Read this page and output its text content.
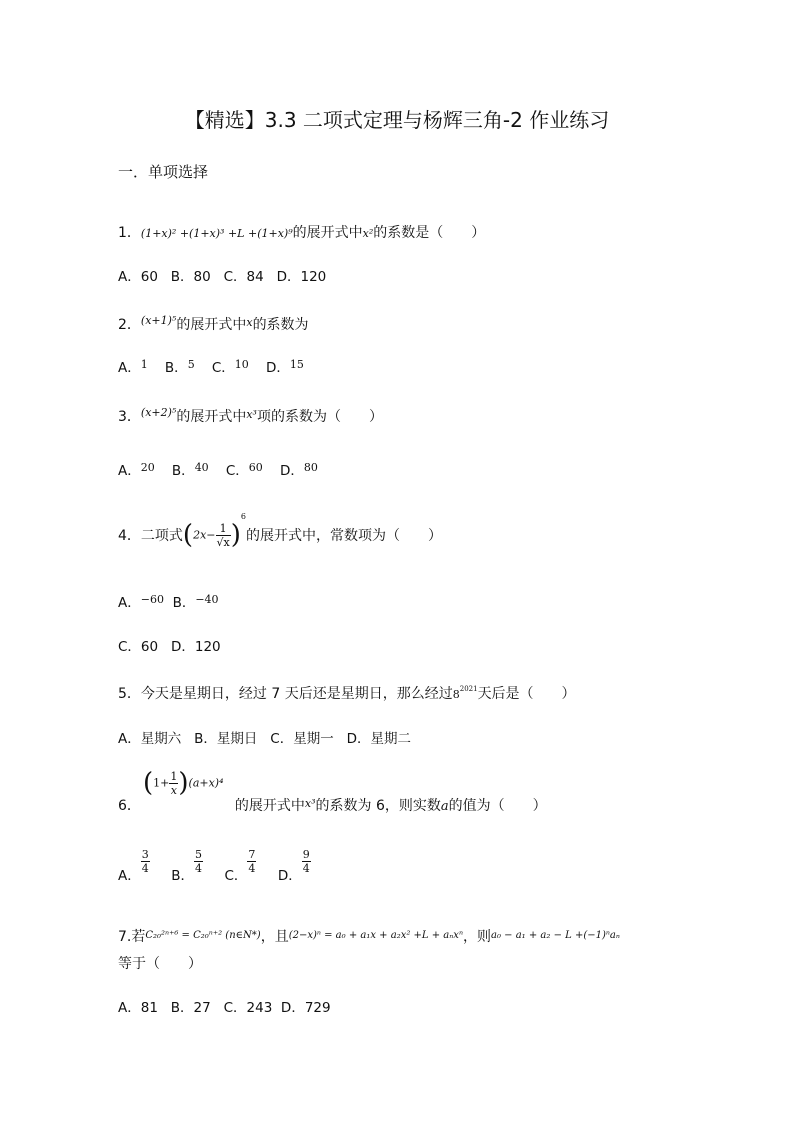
【精选】3.3 二项式定理与杨辉三角-2 作业练习
一．单项选择
1．(1+x)² +(1+x)³ +L +(1+x)⁹的展开式中x²的系数是（　　）
A．60 B．80 C．84 D．120
2．$^{(x+1)^5}$的展开式中$^x$的系数为
A．$^1$ B．$^5$ C．$^{10}$ D．$^{15}$
3．$^{(x+2)^5}$的展开式中$^{x^3}$项的系数为（　　）
A．$^{20}$ B．$^{40}$ C．$^{60}$ D．$^{80}$
4．二项式$(2x- \frac{1}{√x} )^6$的展开式中，常数项为（　　）
A．$^{-60}$ B．$^{-40}$
C．60 D．120
5．今天是星期日，经过 7 天后还是星期日，那么经过$8^{2021}$天后是（　　）
A．星期六 B．星期日 C．星期一 D．星期二
$(1+ \frac{1}{x} )(a+x)^4$
6．	的展开式中$^{x^3}$的系数为 6，则实数a的值为（　　）
A．
$\frac{3}{4}$
B．
$\frac{5}{4}$
C．
$\frac{7}{4}$
D．
$\frac{9}{4}$
7.若$^{C_{20}^{2n+6} = C_{20}^{n+2} (n\in N*)}$，且$^{(2-x)^n = a_0 + a_1x + a_2x^2 +L + a_nx^n}$，则$^{a_0 - a_1 + a_2 - L +(-1)^na_n}$
等于（　　）
A．81 B．27 C．243 D．729
